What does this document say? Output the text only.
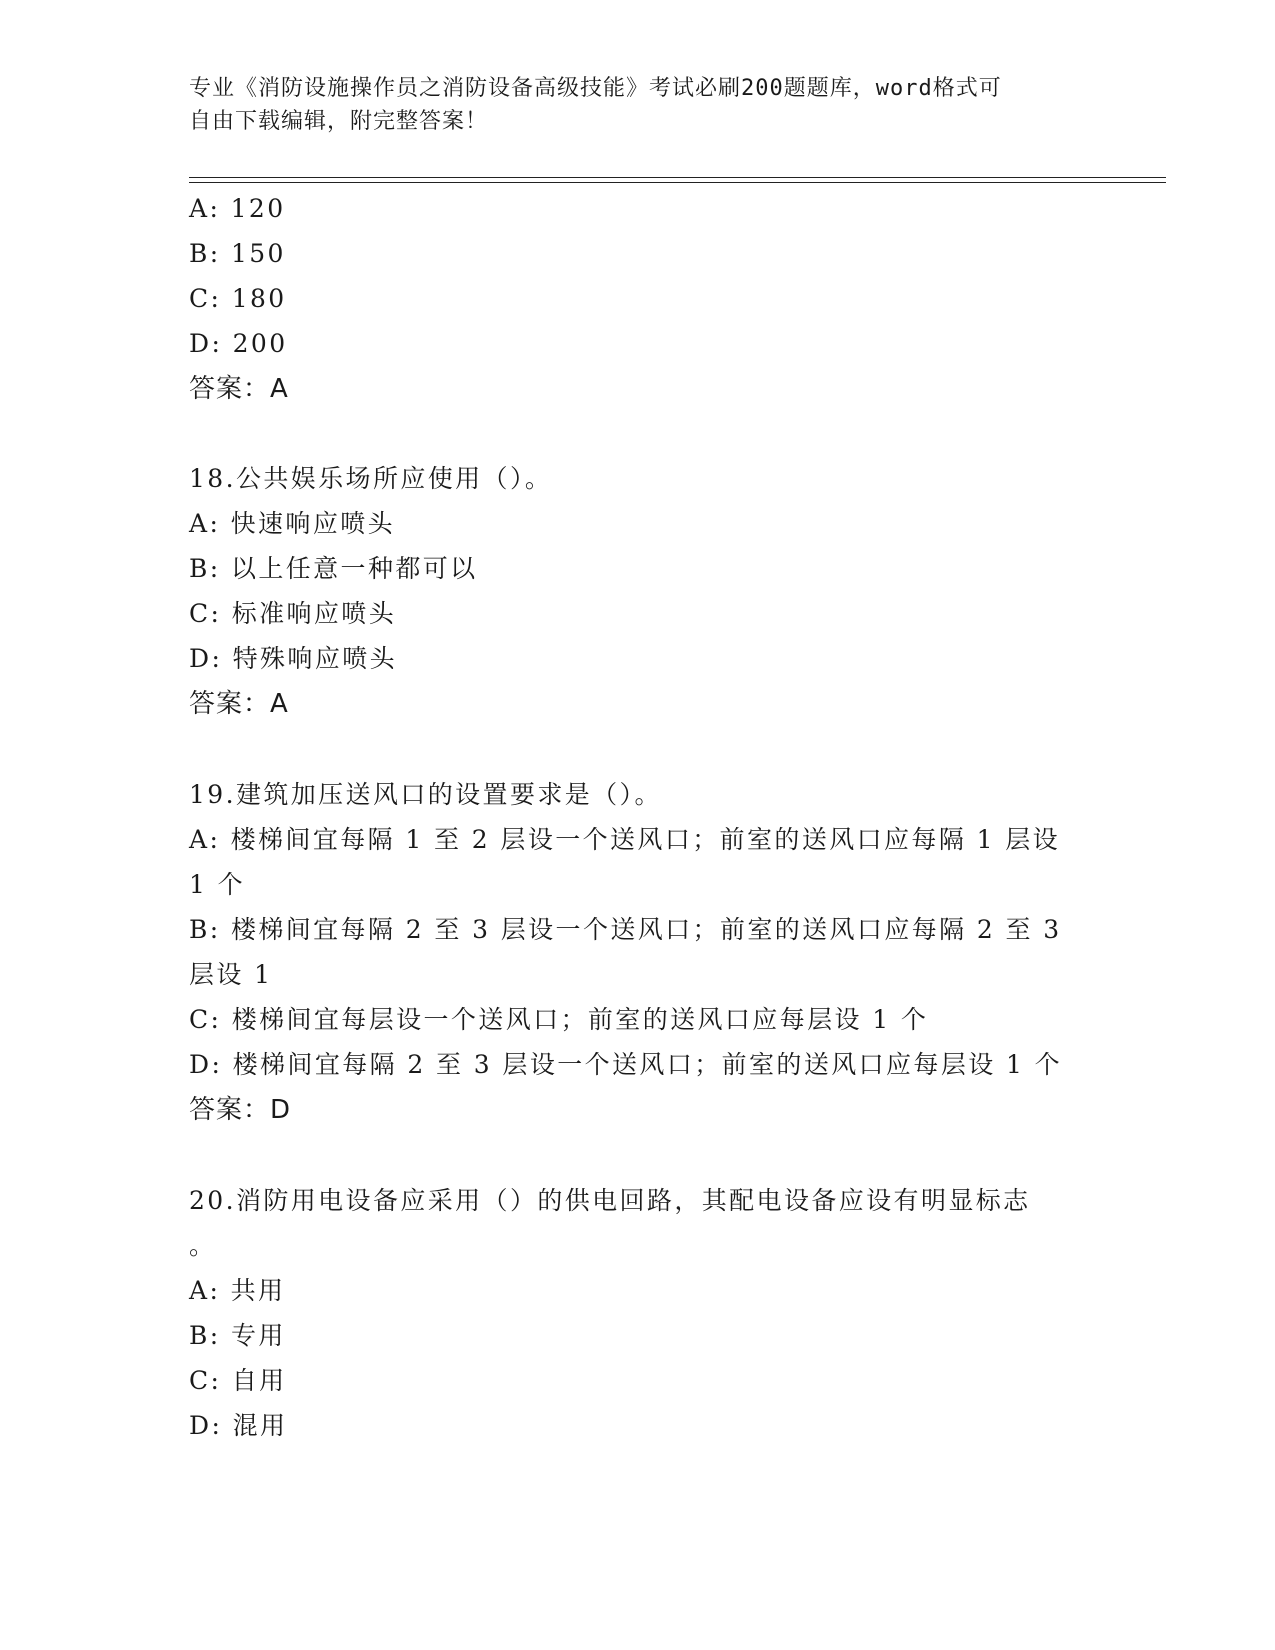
专业《消防设施操作员之消防设备高级技能》考试必刷200题题库，word格式可
自由下载编辑，附完整答案！
A: 120
B: 150
C: 180
D: 200
答案：A
18.公共娱乐场所应使用（）。
A: 快速响应喷头
B: 以上任意一种都可以
C: 标准响应喷头
D: 特殊响应喷头
答案：A
19.建筑加压送风口的设置要求是（）。
A: 楼梯间宜每隔 1 至 2 层设一个送风口；前室的送风口应每隔 1 层设
1 个
B: 楼梯间宜每隔 2 至 3 层设一个送风口；前室的送风口应每隔 2 至 3
层设 1
C: 楼梯间宜每层设一个送风口；前室的送风口应每层设 1 个
D: 楼梯间宜每隔 2 至 3 层设一个送风口；前室的送风口应每层设 1 个
答案：D
20.消防用电设备应采用（）的供电回路，其配电设备应设有明显标志
。
A: 共用
B: 专用
C: 自用
D: 混用
